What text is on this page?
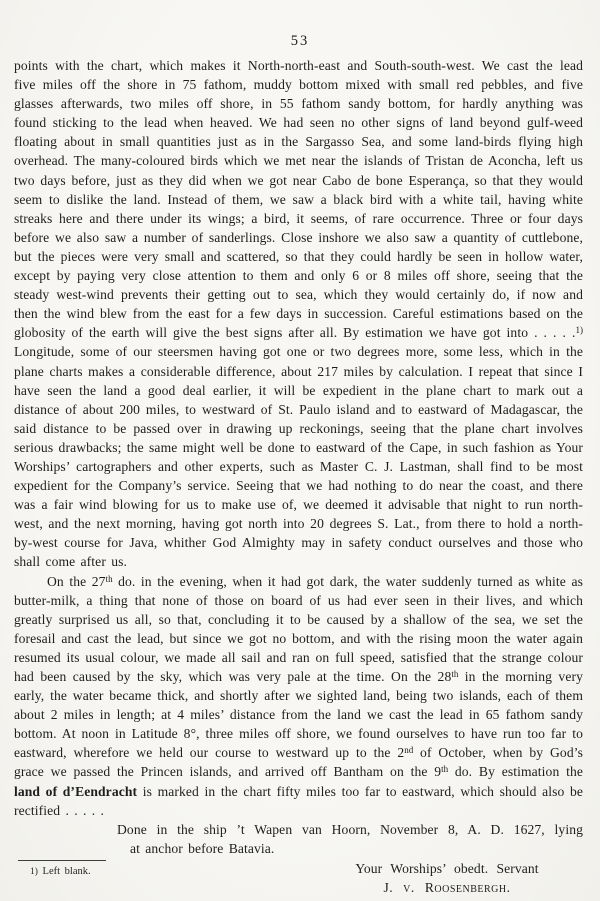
53

points with the chart, which makes it North-north-east and South-south-west. We cast the lead five miles off the shore in 75 fathom, muddy bottom mixed with small red pebbles, and five glasses afterwards, two miles off shore, in 55 fathom sandy bottom, for hardly anything was found sticking to the lead when heaved. We had seen no other signs of land beyond gulf-weed floating about in small quantities just as in the Sargasso Sea, and some land-birds flying high overhead. The many-coloured birds which we met near the islands of Tristan de Aconcha, left us two days before, just as they did when we got near Cabo de bone Esperança, so that they would seem to dislike the land. Instead of them, we saw a black bird with a white tail, having white streaks here and there under its wings; a bird, it seems, of rare occurrence. Three or four days before we also saw a number of sanderlings. Close inshore we also saw a quantity of cuttlebone, but the pieces were very small and scattered, so that they could hardly be seen in hollow water, except by paying very close attention to them and only 6 or 8 miles off shore, seeing that the steady west-wind prevents their getting out to sea, which they would certainly do, if now and then the wind blew from the east for a few days in succession. Careful estimations based on the globosity of the earth will give the best signs after all. By estimation we have got into . . . . .$^{1)}$ Longitude, some of our steersmen having got one or two degrees more, some less, which in the plane charts makes a considerable difference, about 217 miles by calculation. I repeat that since I have seen the land a good deal earlier, it will be expedient in the plane chart to mark out a distance of about 200 miles, to westward of St. Paulo island and to eastward of Madagascar, the said distance to be passed over in drawing up reckonings, seeing that the plane chart involves serious drawbacks; the same might well be done to eastward of the Cape, in such fashion as Your Worships’ cartographers and other experts, such as Master C. J. Lastman, shall find to be most expedient for the Company’s service. Seeing that we had nothing to do near the coast, and there was a fair wind blowing for us to make use of, we deemed it advisable that night to run north-west, and the next morning, having got north into 20 degrees S. Lat., from there to hold a north-by-west course for Java, whither God Almighty may in safety conduct ourselves and those who shall come after us.

On the 27th do. in the evening, when it had got dark, the water suddenly turned as white as butter-milk, a thing that none of those on board of us had ever seen in their lives, and which greatly surprised us all, so that, concluding it to be caused by a shallow of the sea, we set the foresail and cast the lead, but since we got no bottom, and with the rising moon the water again resumed its usual colour, we made all sail and ran on full speed, satisfied that the strange colour had been caused by the sky, which was very pale at the time. On the 28th in the morning very early, the water became thick, and shortly after we sighted land, being two islands, each of them about 2 miles in length; at 4 miles’ distance from the land we cast the lead in 65 fathom sandy bottom. At noon in Latitude 8°, three miles off shore, we found ourselves to have run too far to eastward, wherefore we held our course to westward up to the 2nd of October, when by God’s grace we passed the Princen islands, and arrived off Bantham on the 9th do. By estimation the land of d’Eendracht is marked in the chart fifty miles too far to eastward, which should also be rectified . . . . .

Done in the ship ’t Wapen van Hoorn, November 8, A. D. 1627, lying
at anchor before Batavia.

Your Worships’ obedt. Servant
J. v. Roosenbergh.
1) Left blank.
